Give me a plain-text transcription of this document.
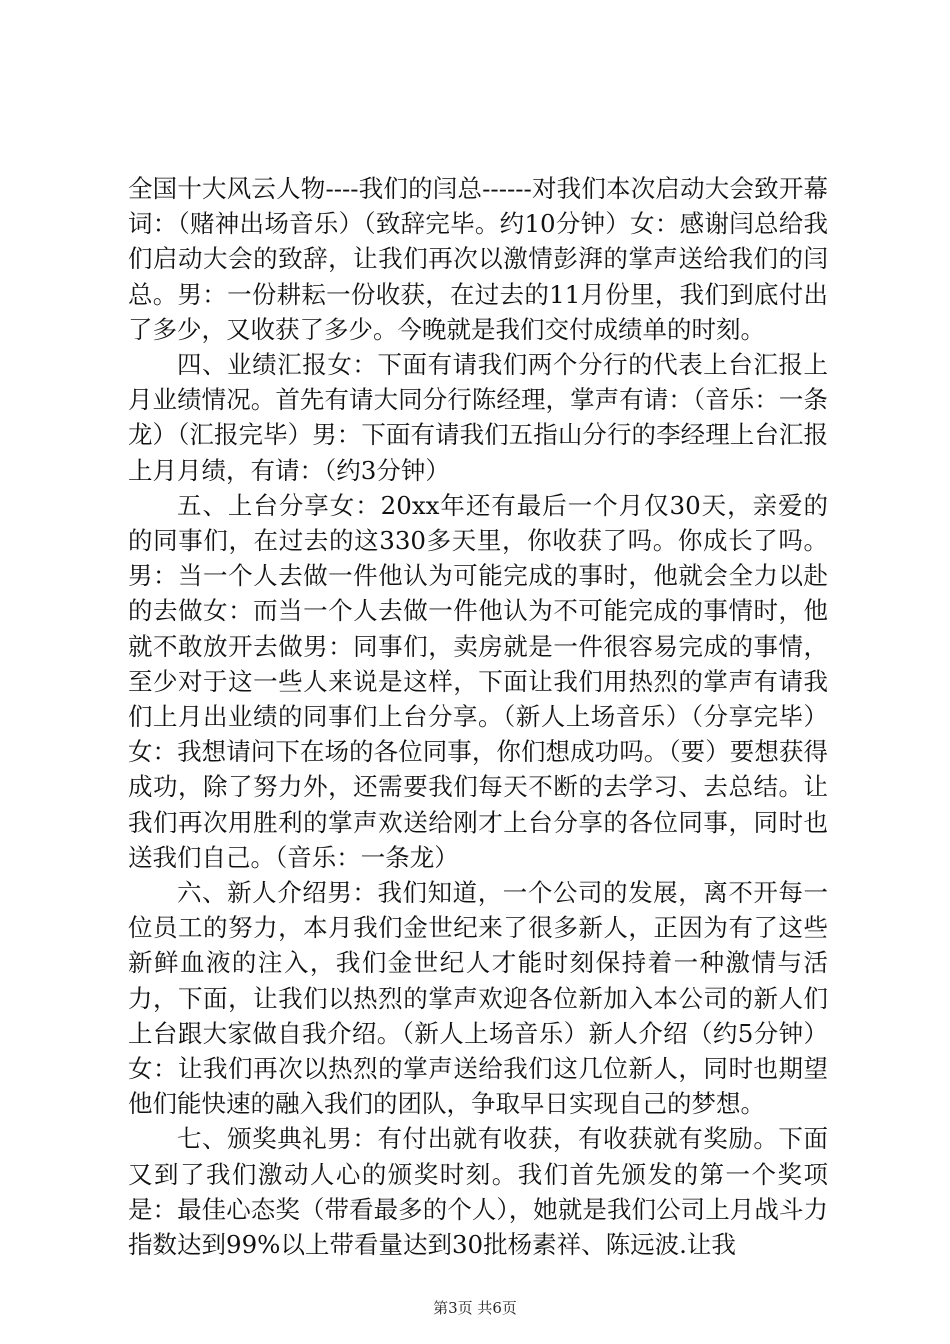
全国十大风云人物----我们的闫总------对我们本次启动大会致开幕词：（赌神出场音乐）（致辞完毕。约10分钟）女：感谢闫总给我们启动大会的致辞，让我们再次以激情彭湃的掌声送给我们的闫总。男：一份耕耘一份收获，在过去的11月份里，我们到底付出了多少，又收获了多少。今晚就是我们交付成绩单的时刻。

四、业绩汇报女：下面有请我们两个分行的代表上台汇报上月业绩情况。首先有请大同分行陈经理，掌声有请：（音乐：一条龙）（汇报完毕）男：下面有请我们五指山分行的李经理上台汇报上月月绩，有请：（约3分钟）

五、上台分享女：20xx年还有最后一个月仅30天，亲爱的的同事们，在过去的这330多天里，你收获了吗。你成长了吗。男：当一个人去做一件他认为可能完成的事时，他就会全力以赴的去做女：而当一个人去做一件他认为不可能完成的事情时，他就不敢放开去做男：同事们，卖房就是一件很容易完成的事情，至少对于这一些人来说是这样，下面让我们用热烈的掌声有请我们上月出业绩的同事们上台分享。（新人上场音乐）（分享完毕）女：我想请问下在场的各位同事，你们想成功吗。（要）要想获得成功，除了努力外，还需要我们每天不断的去学习、去总结。让我们再次用胜利的掌声欢送给刚才上台分享的各位同事，同时也送我们自己。（音乐：一条龙）

六、新人介绍男：我们知道，一个公司的发展，离不开每一位员工的努力，本月我们金世纪来了很多新人，正因为有了这些新鲜血液的注入，我们金世纪人才能时刻保持着一种激情与活力，下面，让我们以热烈的掌声欢迎各位新加入本公司的新人们上台跟大家做自我介绍。（新人上场音乐）新人介绍（约5分钟）女：让我们再次以热烈的掌声送给我们这几位新人，同时也期望他们能快速的融入我们的团队，争取早日实现自己的梦想。

七、颁奖典礼男：有付出就有收获，有收获就有奖励。下面又到了我们激动人心的颁奖时刻。我们首先颁发的第一个奖项是：最佳心态奖（带看最多的个人），她就是我们公司上月战斗力指数达到99%以上带看量达到30批杨素祥、陈远波.让我

第3页 共6页
